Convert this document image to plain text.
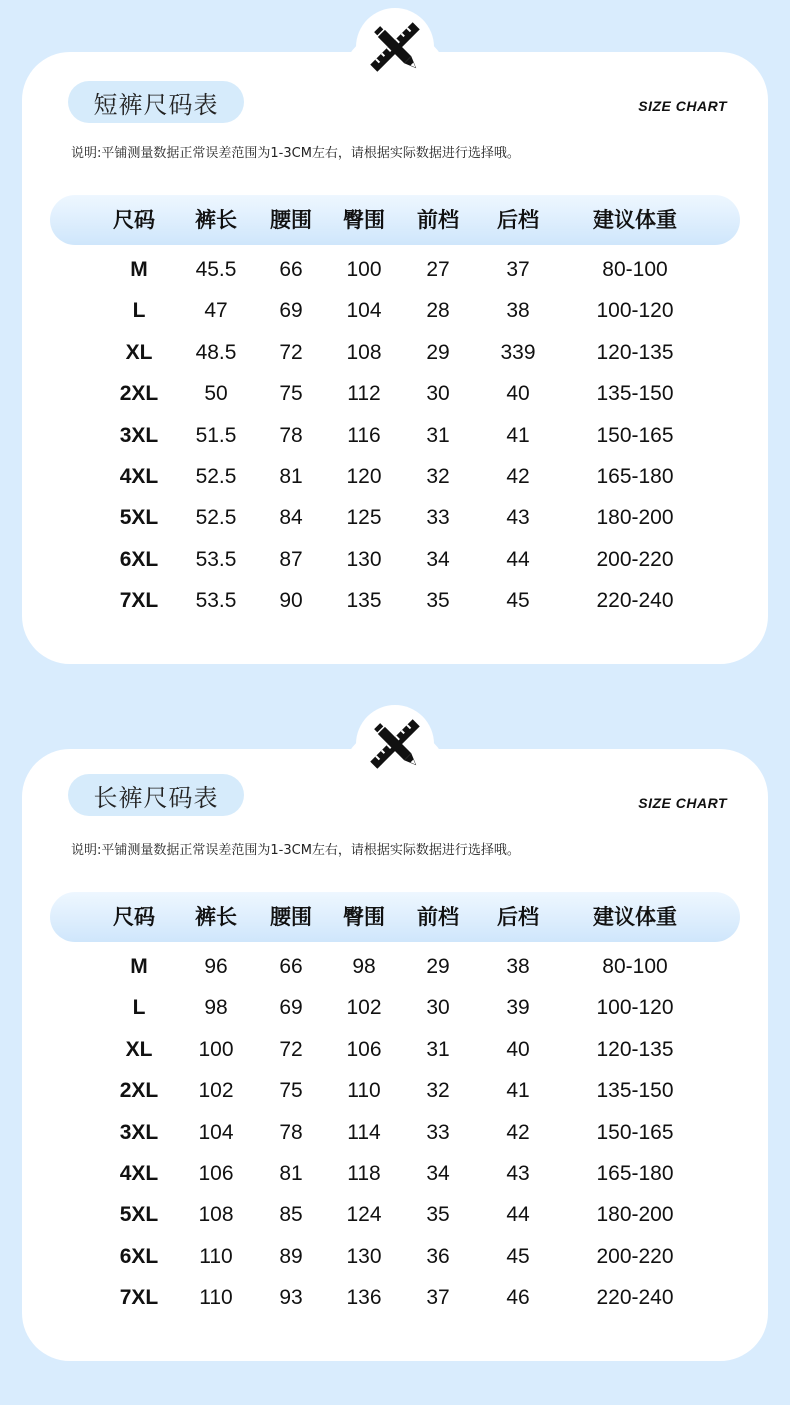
短裤尺码表	SIZE CHART
说明:平铺测量数据正常误差范围为1-3CM左右，请根据实际数据进行选择哦。
尺码 裤长 腰围 臀围 前档 后档	建议体重
M 45.5 66 100 27	37	80-100
L	47 69 104 28	38	100-120
XL 48.5 72 108 29 339	120-135
2XL 50 75 112 30	40	135-150
3XL 51.5 78 116 31	41	150-165
4XL 52.5 81 120 32	42	165-180
5XL 52.5 84 125 33	43	180-200
6XL 53.5 87 130 34	44	200-220
7XL 53.5 90 135 35	45	220-240
长裤尺码表	SIZE CHART
说明:平铺测量数据正常误差范围为1-3CM左右，请根据实际数据进行选择哦。
尺码 裤长 腰围 臀围 前档 后档	建议体重
M	96 66 98 29	38	80-100
L	98 69 102 30	39	100-120
XL 100 72 106 31	40	120-135
2XL 102 75 110 32	41	135-150
3XL 104 78 114 33	42	150-165
4XL 106 81 118 34	43	165-180
5XL 108 85 124 35	44	180-200
6XL 110 89 130 36	45	200-220
7XL 110 93 136 37	46	220-240
